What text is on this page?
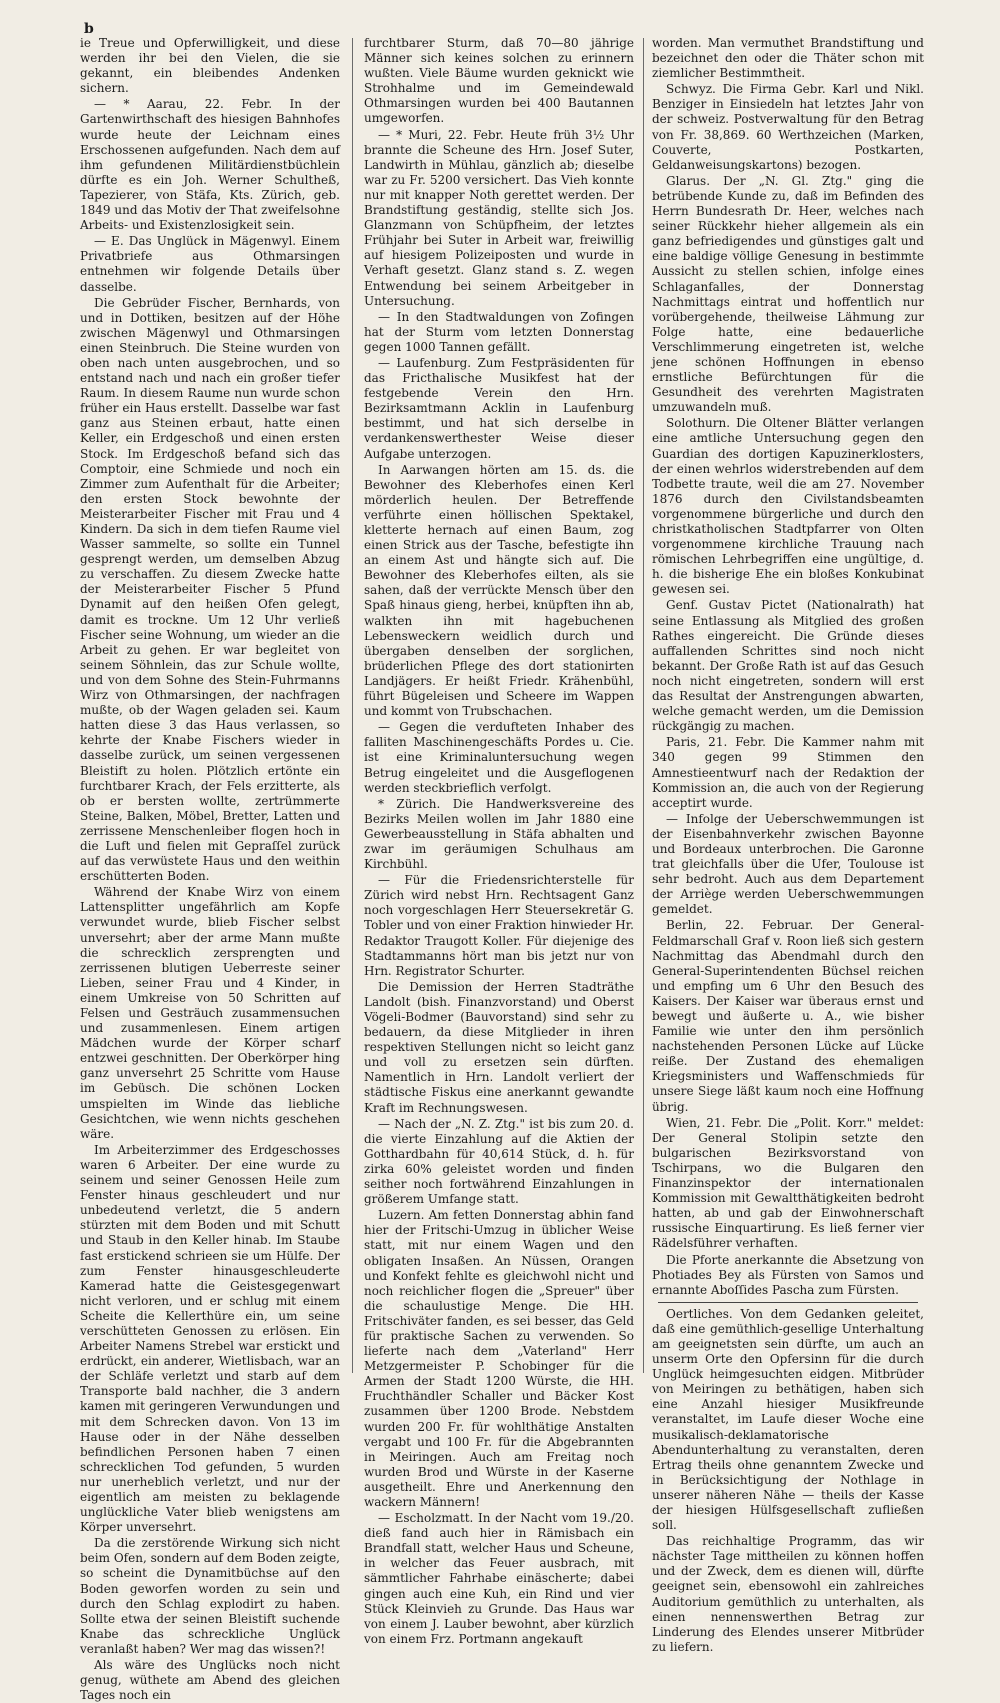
b

ie Treue und Opferwilligkeit, und diese werden ihr bei den Vielen, die sie gekannt, ein bleibendes Andenken sichern.

— * Aarau, 22. Febr. In der Gartenwirthschaft des hiesigen Bahnhofes wurde heute der Leichnam eines Erschossenen aufgefunden. Nach dem auf ihm gefundenen Militärdienstbüchlein dürfte es ein Joh. Werner Schultheß, Tapezierer, von Stäfa, Kts. Zürich, geb. 1849 und das Motiv der That zweifelsohne Arbeits- und Existenzlosigkeit sein.

— E. Das Unglück in Mägenwyl. Einem Privatbriefe aus Othmarsingen entnehmen wir folgende Details über dasselbe.

Die Gebrüder Fischer, Bernhards, von und in Dottiken, besitzen auf der Höhe zwischen Mägenwyl und Othmarsingen einen Steinbruch. Die Steine wurden von oben nach unten ausgebrochen, und so entstand nach und nach ein großer tiefer Raum. In diesem Raume nun wurde schon früher ein Haus erstellt. Dasselbe war fast ganz aus Steinen erbaut, hatte einen Keller, ein Erdgeschoß und einen ersten Stock. Im Erdgeschoß befand sich das Comptoir, eine Schmiede und noch ein Zimmer zum Aufenthalt für die Arbeiter; den ersten Stock bewohnte der Meisterarbeiter Fischer mit Frau und 4 Kindern. Da sich in dem tiefen Raume viel Wasser sammelte, so sollte ein Tunnel gesprengt werden, um demselben Abzug zu verschaffen. Zu diesem Zwecke hatte der Meisterarbeiter Fischer 5 Pfund Dynamit auf den heißen Ofen gelegt, damit es trockne. Um 12 Uhr verließ Fischer seine Wohnung, um wieder an die Arbeit zu gehen. Er war begleitet von seinem Söhnlein, das zur Schule wollte, und von dem Sohne des Stein-Fuhrmanns Wirz von Othmarsingen, der nachfragen mußte, ob der Wagen geladen sei. Kaum hatten diese 3 das Haus verlassen, so kehrte der Knabe Fischers wieder in dasselbe zurück, um seinen vergessenen Bleistift zu holen. Plötzlich ertönte ein furchtbarer Krach, der Fels erzitterte, als ob er bersten wollte, zertrümmerte Steine, Balken, Möbel, Bretter, Latten und zerrissene Menschenleiber flogen hoch in die Luft und fielen mit Gepraſſel zurück auf das verwüstete Haus und den weithin erschütterten Boden.

Während der Knabe Wirz von einem Lattensplitter ungefährlich am Kopfe verwundet wurde, blieb Fischer selbst unversehrt; aber der arme Mann mußte die schrecklich zersprengten und zerrissenen blutigen Ueberreste seiner Lieben, seiner Frau und 4 Kinder, in einem Umkreise von 50 Schritten auf Felsen und Gesträuch zusammensuchen und zusammenlesen. Einem artigen Mädchen wurde der Körper scharf entzwei geschnitten. Der Oberkörper hing ganz unversehrt 25 Schritte vom Hause im Gebüsch. Die schönen Locken umspielten im Winde das liebliche Gesichtchen, wie wenn nichts geschehen wäre.

Im Arbeiterzimmer des Erdgeschosses waren 6 Arbeiter. Der eine wurde zu seinem und seiner Genossen Heile zum Fenster hinaus geschleudert und nur unbedeutend verletzt, die 5 andern stürzten mit dem Boden und mit Schutt und Staub in den Keller hinab. Im Staube fast erstickend schrieen sie um Hülfe. Der zum Fenster hinausgeschleuderte Kamerad hatte die Geistesgegenwart nicht verloren, und er schlug mit einem Scheite die Kellerthüre ein, um seine verschütteten Genossen zu erlösen. Ein Arbeiter Namens Strebel war erstickt und erdrückt, ein anderer, Wietlisbach, war an der Schläfe verletzt und starb auf dem Transporte bald nachher, die 3 andern kamen mit geringeren Verwundungen und mit dem Schrecken davon. Von 13 im Hause oder in der Nähe desselben befindlichen Personen haben 7 einen schrecklichen Tod gefunden, 5 wurden nur unerheblich verletzt, und nur der eigentlich am meisten zu beklagende unglückliche Vater blieb wenigstens am Körper unversehrt.

Da die zerstörende Wirkung sich nicht beim Ofen, sondern auf dem Boden zeigte, so scheint die Dynamitbüchse auf den Boden geworfen worden zu sein und durch den Schlag explodirt zu haben. Sollte etwa der seinen Bleistift suchende Knabe das schreckliche Unglück veranlaßt haben? Wer mag das wissen?!

Als wäre des Unglücks noch nicht genug, wüthete am Abend des gleichen Tages noch ein

furchtbarer Sturm, daß 70—80 jährige Männer sich keines solchen zu erinnern wußten. Viele Bäume wurden geknickt wie Strohhalme und im Gemeindewald Othmarsingen wurden bei 400 Bautannen umgeworfen.

— * Muri, 22. Febr. Heute früh 3½ Uhr brannte die Scheune des Hrn. Josef Suter, Landwirth in Mühlau, gänzlich ab; dieselbe war zu Fr. 5200 versichert. Das Vieh konnte nur mit knapper Noth gerettet werden. Der Brandstiftung geständig, stellte sich Jos. Glanzmann von Schüpfheim, der letztes Frühjahr bei Suter in Arbeit war, freiwillig auf hiesigem Polizeiposten und wurde in Verhaft gesetzt. Glanz stand s. Z. wegen Entwendung bei seinem Arbeitgeber in Untersuchung.

— In den Stadtwaldungen von Zofingen hat der Sturm vom letzten Donnerstag gegen 1000 Tannen gefällt.

— Laufenburg. Zum Festpräsidenten für das Fricthalische Musikfest hat der festgebende Verein den Hrn. Bezirksamtmann Acklin in Laufenburg bestimmt, und hat sich derselbe in verdankenswerthester Weise dieser Aufgabe unterzogen.

In Aarwangen hörten am 15. ds. die Bewohner des Kleberhofes einen Kerl mörderlich heulen. Der Betreffende verführte einen höllischen Spektakel, kletterte hernach auf einen Baum, zog einen Strick aus der Tasche, befestigte ihn an einem Ast und hängte sich auf. Die Bewohner des Kleberhofes eilten, als sie sahen, daß der verrückte Mensch über den Spaß hinaus gieng, herbei, knüpften ihn ab, walkten ihn mit hagebuchenen Lebensweckern weidlich durch und übergaben denselben der sorglichen, brüderlichen Pflege des dort stationirten Landjägers. Er heißt Friedr. Krähenbühl, führt Bügeleisen und Scheere im Wappen und kommt von Trubschachen.

— Gegen die verdufteten Inhaber des falliten Maschinengeschäfts Pordes u. Cie. ist eine Kriminaluntersuchung wegen Betrug eingeleitet und die Ausgeflogenen werden steckbrieflich verfolgt.

* Zürich. Die Handwerksvereine des Bezirks Meilen wollen im Jahr 1880 eine Gewerbeausstellung in Stäfa abhalten und zwar im geräumigen Schulhaus am Kirchbühl.

— Für die Friedensrichterstelle für Zürich wird nebst Hrn. Rechtsagent Ganz noch vorgeschlagen Herr Steuersekretär G. Tobler und von einer Fraktion hinwieder Hr. Redaktor Traugott Koller. Für diejenige des Stadtammanns hört man bis jetzt nur von Hrn. Registrator Schurter.

Die Demission der Herren Stadträthe Landolt (bish. Finanzvorstand) und Oberst Vögeli-Bodmer (Bauvorstand) sind sehr zu bedauern, da diese Mitglieder in ihren respektiven Stellungen nicht so leicht ganz und voll zu ersetzen sein dürften. Namentlich in Hrn. Landolt verliert der städtische Fiskus eine anerkannt gewandte Kraft im Rechnungswesen.

— Nach der „N. Z. Ztg." ist bis zum 20. d. die vierte Einzahlung auf die Aktien der Gotthardbahn für 40,614 Stück, d. h. für zirka 60% geleistet worden und finden seither noch fortwährend Einzahlungen in größerem Umfange statt.

Luzern. Am fetten Donnerstag abhin fand hier der Fritschi-Umzug in üblicher Weise statt, mit nur einem Wagen und den obligaten Insaßen. An Nüssen, Orangen und Konfekt fehlte es gleichwohl nicht und noch reichlicher flogen die „Spreuer" über die schaulustige Menge. Die HH. Fritschiväter fanden, es sei besser, das Geld für praktische Sachen zu verwenden. So lieferte nach dem „Vaterland" Herr Metzgermeister P. Schobinger für die Armen der Stadt 1200 Würste, die HH. Fruchthändler Schaller und Bäcker Kost zusammen über 1200 Brode. Nebstdem wurden 200 Fr. für wohlthätige Anstalten vergabt und 100 Fr. für die Abgebrannten in Meiringen. Auch am Freitag noch wurden Brod und Würste in der Kaserne ausgetheilt. Ehre und Anerkennung den wackern Männern!

— Escholzmatt. In der Nacht vom 19./20. dieß fand auch hier in Rämisbach ein Brandfall statt, welcher Haus und Scheune, in welcher das Feuer ausbrach, mit sämmtlicher Fahrhabe einäscherte; dabei gingen auch eine Kuh, ein Rind und vier Stück Kleinvieh zu Grunde. Das Haus war von einem J. Lauber bewohnt, aber kürzlich von einem Frz. Portmann angekauft

worden. Man vermuthet Brandstiftung und bezeichnet den oder die Thäter schon mit ziemlicher Bestimmtheit.

Schwyz. Die Firma Gebr. Karl und Nikl. Benziger in Einsiedeln hat letztes Jahr von der schweiz. Postverwaltung für den Betrag von Fr. 38,869. 60 Werthzeichen (Marken, Couverte, Postkarten, Geldanweisungskartons) bezogen.

Glarus. Der „N. Gl. Ztg." ging die betrübende Kunde zu, daß im Befinden des Herrn Bundesrath Dr. Heer, welches nach seiner Rückkehr hieher allgemein als ein ganz befriedigendes und günstiges galt und eine baldige völlige Genesung in bestimmte Aussicht zu stellen schien, infolge eines Schlaganfalles, der Donnerstag Nachmittags eintrat und hoffentlich nur vorübergehende, theilweise Lähmung zur Folge hatte, eine bedauerliche Verschlimmerung eingetreten ist, welche jene schönen Hoffnungen in ebenso ernstliche Befürchtungen für die Gesundheit des verehrten Magistraten umzuwandeln muß.

Solothurn. Die Oltener Blätter verlangen eine amtliche Untersuchung gegen den Guardian des dortigen Kapuzinerklosters, der einen wehrlos widerstrebenden auf dem Todbette traute, weil die am 27. November 1876 durch den Civilstandsbeamten vorgenommene bürgerliche und durch den christkatholischen Stadtpfarrer von Olten vorgenommene kirchliche Trauung nach römischen Lehrbegriffen eine ungültige, d. h. die bisherige Ehe ein bloßes Konkubinat gewesen sei.

Genf. Gustav Pictet (Nationalrath) hat seine Entlassung als Mitglied des großen Rathes eingereicht. Die Gründe dieses auffallenden Schrittes sind noch nicht bekannt. Der Große Rath ist auf das Gesuch noch nicht eingetreten, sondern will erst das Resultat der Anstrengungen abwarten, welche gemacht werden, um die Demission rückgängig zu machen.

Paris, 21. Febr. Die Kammer nahm mit 340 gegen 99 Stimmen den Amnestieentwurf nach der Redaktion der Kommission an, die auch von der Regierung acceptirt wurde.

— Infolge der Ueberschwemmungen ist der Eisenbahnverkehr zwischen Bayonne und Bordeaux unterbrochen. Die Garonne trat gleichfalls über die Ufer, Toulouse ist sehr bedroht. Auch aus dem Departement der Arriège werden Ueberschwemmungen gemeldet.

Berlin, 22. Februar. Der General-Feldmarschall Graf v. Roon ließ sich gestern Nachmittag das Abendmahl durch den General-Superintendenten Büchsel reichen und empfing um 6 Uhr den Besuch des Kaisers. Der Kaiser war überaus ernst und bewegt und äußerte u. A., wie bisher Familie wie unter den ihm persönlich nachstehenden Personen Lücke auf Lücke reiße. Der Zustand des ehemaligen Kriegsministers und Waffenschmieds für unsere Siege läßt kaum noch eine Hoffnung übrig.

Wien, 21. Febr. Die „Polit. Korr." meldet: Der General Stolipin setzte den bulgarischen Bezirksvorstand von Tschirpans, wo die Bulgaren den Finanzinspektor der internationalen Kommission mit Gewaltthätigkeiten bedroht hatten, ab und gab der Einwohnerschaft russische Einquartirung. Es ließ ferner vier Rädelsführer verhaften.

Die Pforte anerkannte die Absetzung von Photiades Bey als Fürsten von Samos und ernannte Aboſſides Pascha zum Fürsten.

Oertliches. Von dem Gedanken geleitet, daß eine gemüthlich-gesellige Unterhaltung am geeignetsten sein dürfte, um auch an unserm Orte den Opfersinn für die durch Unglück heimgesuchten eidgen. Mitbrüder von Meiringen zu bethätigen, haben sich eine Anzahl hiesiger Musikfreunde veranstaltet, im Laufe dieser Woche eine musikalisch-deklamatorische Abendunterhaltung zu veranstalten, deren Ertrag theils ohne genanntem Zwecke und in Berücksichtigung der Nothlage in unserer näheren Nähe — theils der Kasse der hiesigen Hülfsgesellschaft zufließen soll.

Das reichhaltige Programm, das wir nächster Tage mittheilen zu können hoffen und der Zweck, dem es dienen will, dürfte geeignet sein, ebensowohl ein zahlreiches Auditorium gemüthlich zu unterhalten, als einen nennenswerthen Betrag zur Linderung des Elendes unserer Mitbrüder zu liefern.
